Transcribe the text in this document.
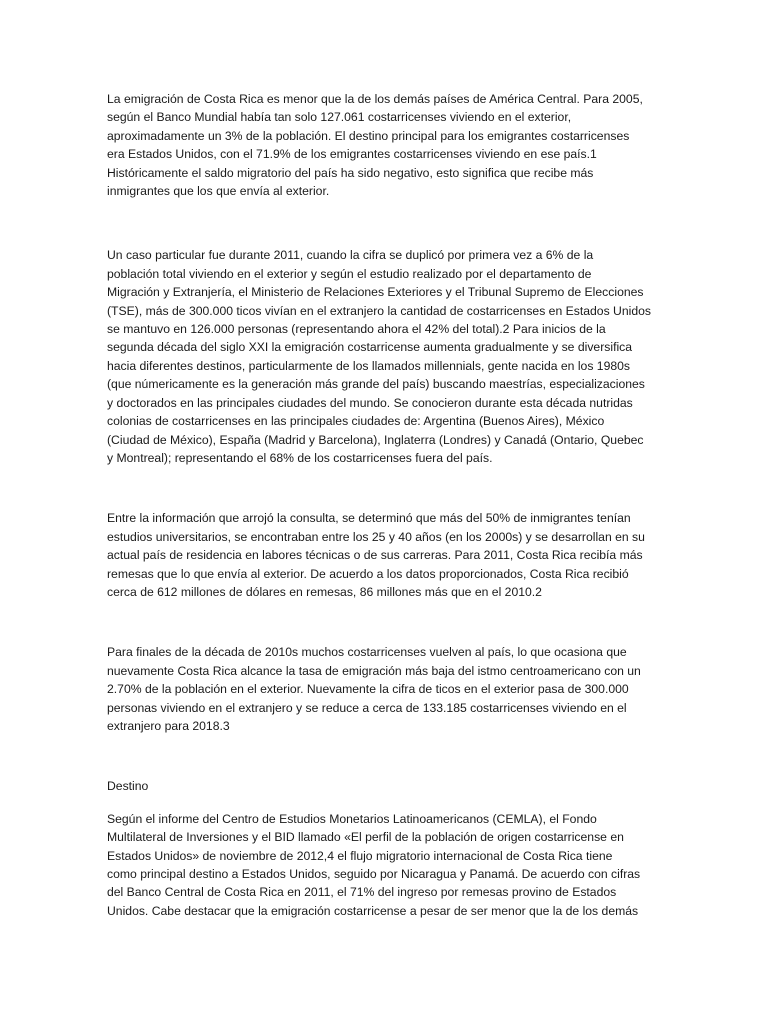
La emigración de Costa Rica es menor que la de los demás países de América Central. Para 2005,
según el Banco Mundial había tan solo 127.061 costarricenses viviendo en el exterior,
aproximadamente un 3% de la población. El destino principal para los emigrantes costarricenses
era Estados Unidos, con el 71.9% de los emigrantes costarricenses viviendo en ese país.1
Históricamente el saldo migratorio del país ha sido negativo, esto significa que recibe más
inmigrantes que los que envía al exterior.

Un caso particular fue durante 2011, cuando la cifra se duplicó por primera vez a 6% de la
población total viviendo en el exterior y según el estudio realizado por el departamento de
Migración y Extranjería, el Ministerio de Relaciones Exteriores y el Tribunal Supremo de Elecciones
(TSE), más de 300.000 ticos vivían en el extranjero la cantidad de costarricenses en Estados Unidos
se mantuvo en 126.000 personas (representando ahora el 42% del total).2 Para inicios de la
segunda década del siglo XXI la emigración costarricense aumenta gradualmente y se diversifica
hacia diferentes destinos, particularmente de los llamados millennials, gente nacida en los 1980s
(que númericamente es la generación más grande del país) buscando maestrías, especializaciones
y doctorados en las principales ciudades del mundo. Se conocieron durante esta década nutridas
colonias de costarricenses en las principales ciudades de: Argentina (Buenos Aires), México
(Ciudad de México), España (Madrid y Barcelona), Inglaterra (Londres) y Canadá (Ontario, Quebec
y Montreal); representando el 68% de los costarricenses fuera del país.

Entre la información que arrojó la consulta, se determinó que más del 50% de inmigrantes tenían
estudios universitarios, se encontraban entre los 25 y 40 años (en los 2000s) y se desarrollan en su
actual país de residencia en labores técnicas o de sus carreras. Para 2011, Costa Rica recibía más
remesas que lo que envía al exterior. De acuerdo a los datos proporcionados, Costa Rica recibió
cerca de 612 millones de dólares en remesas, 86 millones más que en el 2010.2

Para finales de la década de 2010s muchos costarricenses vuelven al país, lo que ocasiona que
nuevamente Costa Rica alcance la tasa de emigración más baja del istmo centroamericano con un
2.70% de la población en el exterior. Nuevamente la cifra de ticos en el exterior pasa de 300.000
personas viviendo en el extranjero y se reduce a cerca de 133.185 costarricenses viviendo en el
extranjero para 2018.3

Destino

Según el informe del Centro de Estudios Monetarios Latinoamericanos (CEMLA), el Fondo
Multilateral de Inversiones y el BID llamado «El perfil de la población de origen costarricense en
Estados Unidos» de noviembre de 2012,4 el flujo migratorio internacional de Costa Rica tiene
como principal destino a Estados Unidos, seguido por Nicaragua y Panamá. De acuerdo con cifras
del Banco Central de Costa Rica en 2011, el 71% del ingreso por remesas provino de Estados
Unidos. Cabe destacar que la emigración costarricense a pesar de ser menor que la de los demás
